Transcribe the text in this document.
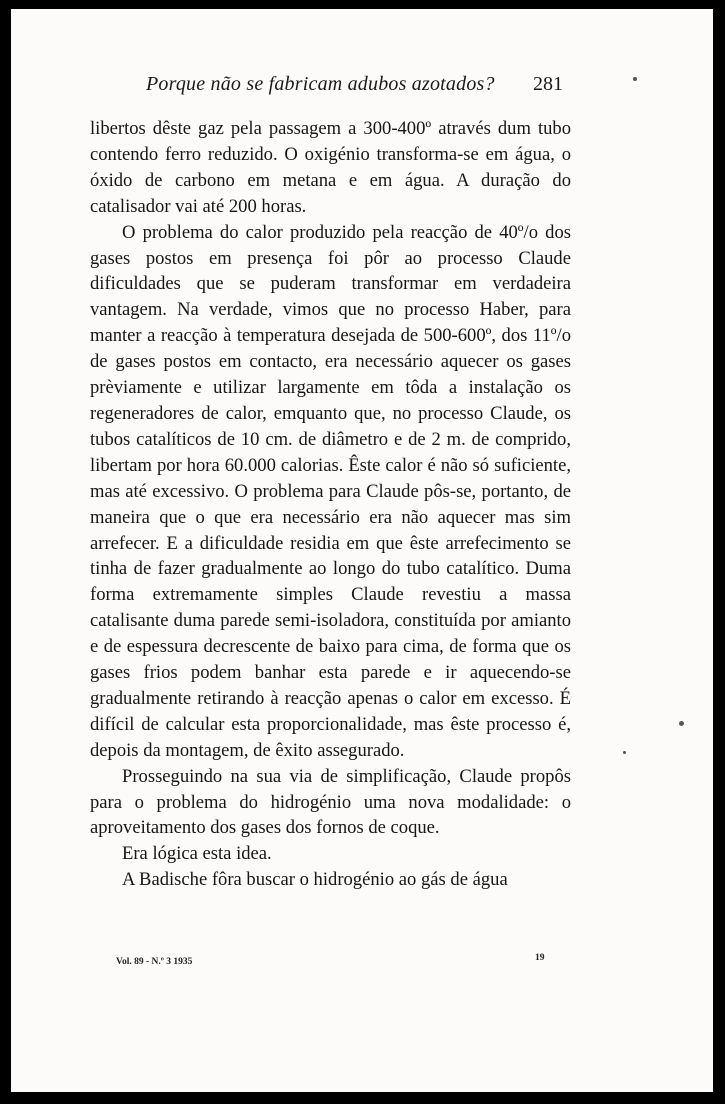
Porque não se fabricam adubos azotados? 281

libertos dêste gaz pela passagem a 300-400º através dum tubo contendo ferro reduzido. O oxigénio transforma-se em água, o óxido de carbono em metana e em água. A duração do catalisador vai até 200 horas.

O problema do calor produzido pela reacção de 40º/o dos gases postos em presença foi pôr ao processo Claude dificuldades que se puderam transformar em verdadeira vantagem. Na verdade, vimos que no processo Haber, para manter a reacção à temperatura desejada de 500-600º, dos 11º/o de gases postos em contacto, era necessário aquecer os gases prèviamente e utilizar largamente em tôda a instalação os regeneradores de calor, emquanto que, no processo Claude, os tubos catalíticos de 10 cm. de diâmetro e de 2 m. de comprido, libertam por hora 60.000 calorias. Êste calor é não só suficiente, mas até excessivo. O problema para Claude pôs-se, portanto, de maneira que o que era necessário era não aquecer mas sim arrefecer. E a dificuldade residia em que êste arrefecimento se tinha de fazer gradualmente ao longo do tubo catalítico. Duma forma extremamente simples Claude revestiu a massa catalisante duma parede semi-isoladora, constituída por amianto e de espessura decrescente de baixo para cima, de forma que os gases frios podem banhar esta parede e ir aquecendo-se gradualmente retirando à reacção apenas o calor em excesso. É difícil de calcular esta proporcionalidade, mas êste processo é, depois da montagem, de êxito assegurado.

Prosseguindo na sua via de simplificação, Claude propôs para o problema do hidrogénio uma nova modalidade: o aproveitamento dos gases dos fornos de coque.

Era lógica esta idea.

A Badische fôra buscar o hidrogénio ao gás de água

Vol. 89 - N.º 3 1935	19
